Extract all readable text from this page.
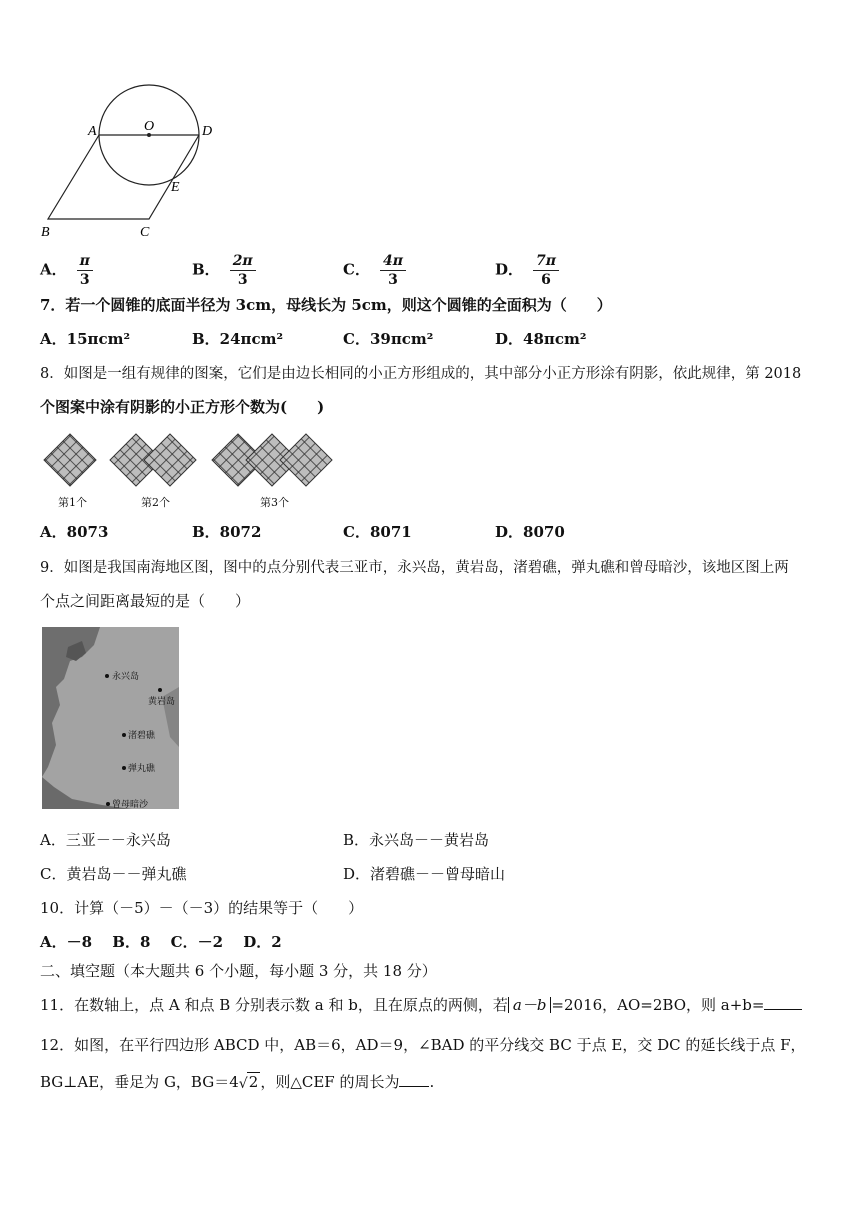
A	O	D
E
B	C
A． $\frac{\pi}{3}$	B． $\frac{2\pi}{3}$	C． $\frac{4\pi}{3}$	D． $\frac{7\pi}{6}$
7．若一个圆锥的底面半径为 3cm，母线长为 5cm，则这个圆锥的全面积为（　　）
A．15πcm²	B．24πcm²	C．39πcm²	D．48πcm²
8．如图是一组有规律的图案，它们是由边长相同的小正方形组成的，其中部分小正方形涂有阴影，依此规律，第 2018
个图案中涂有阴影的小正方形个数为(　　)
第1个	第2个	第3个
A．8073	B．8072	C．8071	D．8070
9．如图是我国南海地区图，图中的点分别代表三亚市，永兴岛，黄岩岛，渚碧礁，弹丸礁和曾母暗沙，该地区图上两
个点之间距离最短的是（　　）
永兴岛
黄岩岛
渚碧礁
弹丸礁
曾母暗沙
A．三亚－－永兴岛	B．永兴岛－－黄岩岛
C．黄岩岛－－弹丸礁	D．渚碧礁－－曾母暗山
10．计算（－5）－（－3）的结果等于（　　）
A．－8　 B．8　 C．－2　 D．2
二、填空题（本大题共 6 个小题，每小题 3 分，共 18 分）
11．在数轴上，点 A 和点 B 分别表示数 a 和 b，且在原点的两侧，若 a－b =2016，AO=2BO，则 a+b=
12．如图，在平行四边形 ABCD 中，AB＝6，AD＝9，∠BAD 的平分线交 BC 于点 E，交 DC 的延长线于点 F，
BG⊥AE，垂足为 G，BG＝4 √ 2 ，则△CEF 的周长为 .
